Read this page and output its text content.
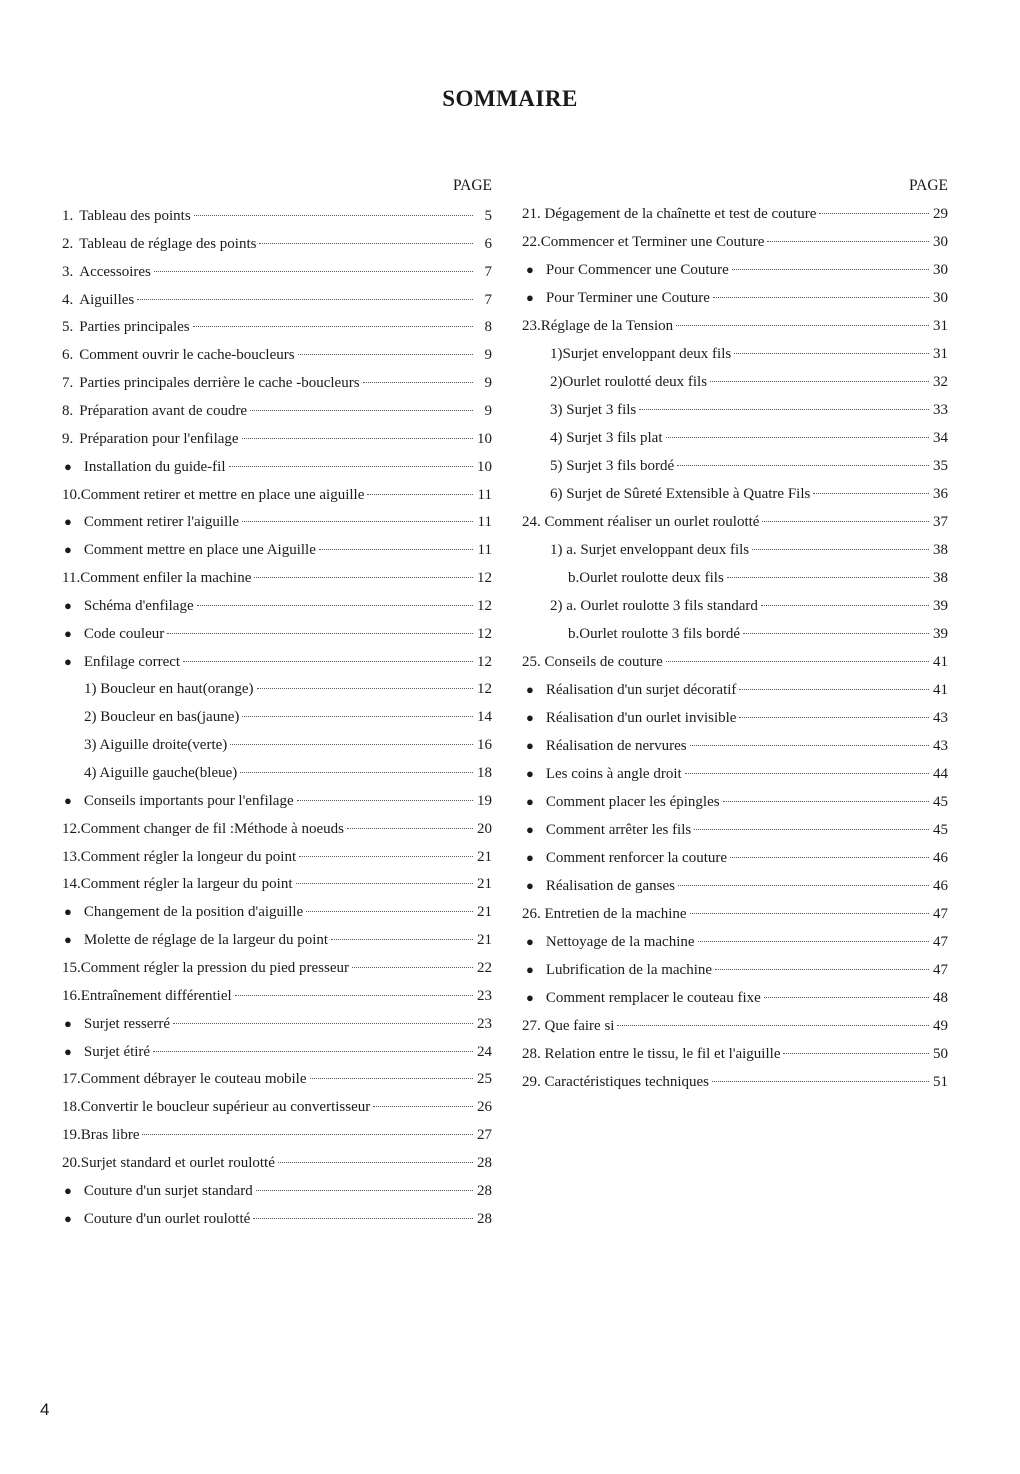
SOMMAIRE
PAGE
1. Tableau des points	5
2. Tableau de réglage des points	6
3. Accessoires	7
4. Aiguilles	7
5. Parties principales	8
6. Comment ouvrir le cache-boucleurs	9
7. Parties principales derrière le cache -boucleurs	9
8. Préparation avant de coudre	9
9. Préparation pour l'enfilage	10
● Installation du guide-fil	10
10.Comment retirer et mettre en place une aiguille	11
● Comment retirer l'aiguille	11
● Comment mettre en place une Aiguille	11
11.Comment enfiler la machine	12
● Schéma d'enfilage	12
● Code couleur	12
● Enfilage correct	12
1) Boucleur en haut(orange)	12
2) Boucleur en bas(jaune)	14
3) Aiguille droite(verte)	16
4) Aiguille gauche(bleue)	18
● Conseils importants pour l'enfilage	19
12.Comment changer de fil :Méthode à noeuds	20
13.Comment régler la longeur du point	21
14.Comment régler la largeur du point	21
● Changement de la position d'aiguille	21
● Molette de réglage de la largeur du point	21
15.Comment régler la pression du pied presseur	22
16.Entraînement différentiel	23
● Surjet resserré	23
● Surjet étiré	24
17.Comment débrayer le couteau mobile	25
18.Convertir le boucleur supérieur au convertisseur	26
19.Bras libre	27
20.Surjet standard et ourlet roulotté	28
● Couture d'un surjet standard	28
● Couture d'un ourlet roulotté	28
PAGE
21. Dégagement de la chaînette et test de couture	29
22.Commencer et Terminer une Couture	30
● Pour Commencer une Couture	30
● Pour Terminer une Couture	30
23.Réglage de la Tension	31
1)Surjet enveloppant deux fils	31
2)Ourlet roulotté deux fils	32
3) Surjet 3 fils	33
4) Surjet 3 fils plat	34
5) Surjet 3 fils bordé	35
6) Surjet de Sûreté Extensible à Quatre Fils	36
24. Comment réaliser un ourlet roulotté	37
1) a. Surjet enveloppant deux fils	38
b.Ourlet roulotte deux fils	38
2) a. Ourlet roulotte 3 fils standard	39
b.Ourlet roulotte 3 fils bordé	39
25. Conseils de couture	41
● Réalisation d'un surjet décoratif	41
● Réalisation d'un ourlet invisible	43
● Réalisation de nervures	43
● Les coins à angle droit	44
● Comment placer les épingles	45
● Comment arrêter les fils	45
● Comment renforcer la couture	46
● Réalisation de ganses	46
26. Entretien de la machine	47
● Nettoyage de la machine	47
● Lubrification de la machine	47
● Comment remplacer le couteau fixe	48
27. Que faire si	49
28. Relation entre le tissu, le fil et l'aiguille	50
29. Caractéristiques techniques	51
4
